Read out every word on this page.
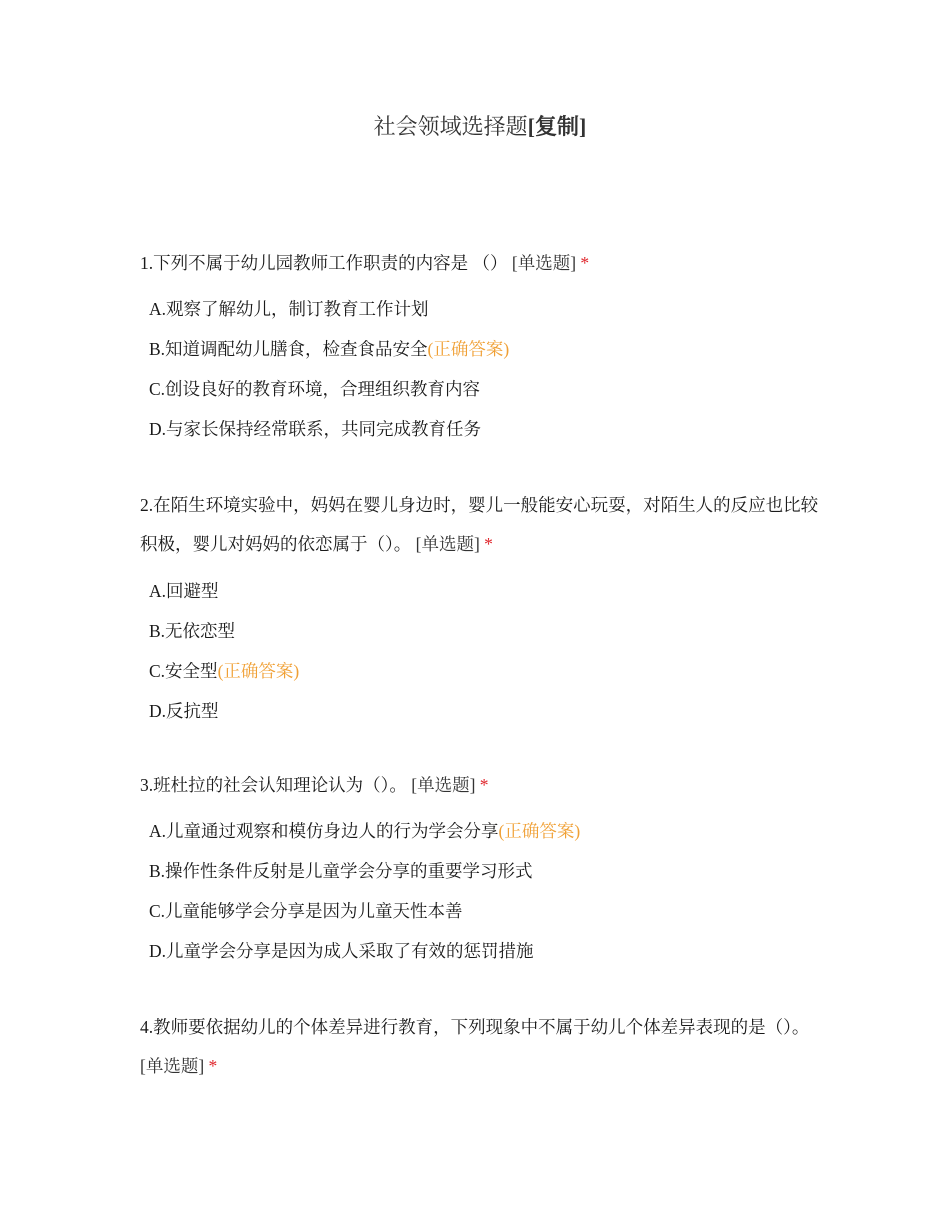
社会领域选择题[复制]

1.下列不属于幼儿园教师工作职责的内容是 （） [单选题] *

A.观察了解幼儿，制订教育工作计划
B.知道调配幼儿膳食，检查食品安全(正确答案)
C.创设良好的教育环境，合理组织教育内容
D.与家长保持经常联系，共同完成教育任务

2.在陌生环境实验中，妈妈在婴儿身边时，婴儿一般能安心玩耍，对陌生人的反应也比较积极，婴儿对妈妈的依恋属于（）。 [单选题] *

A.回避型
B.无依恋型
C.安全型(正确答案)
D.反抗型

3.班杜拉的社会认知理论认为（）。 [单选题] *

A.儿童通过观察和模仿身边人的行为学会分享(正确答案)
B.操作性条件反射是儿童学会分享的重要学习形式
C.儿童能够学会分享是因为儿童天性本善
D.儿童学会分享是因为成人采取了有效的惩罚措施

4.教师要依据幼儿的个体差异进行教育，下列现象中不属于幼儿个体差异表现的是（）。 [单选题] *
